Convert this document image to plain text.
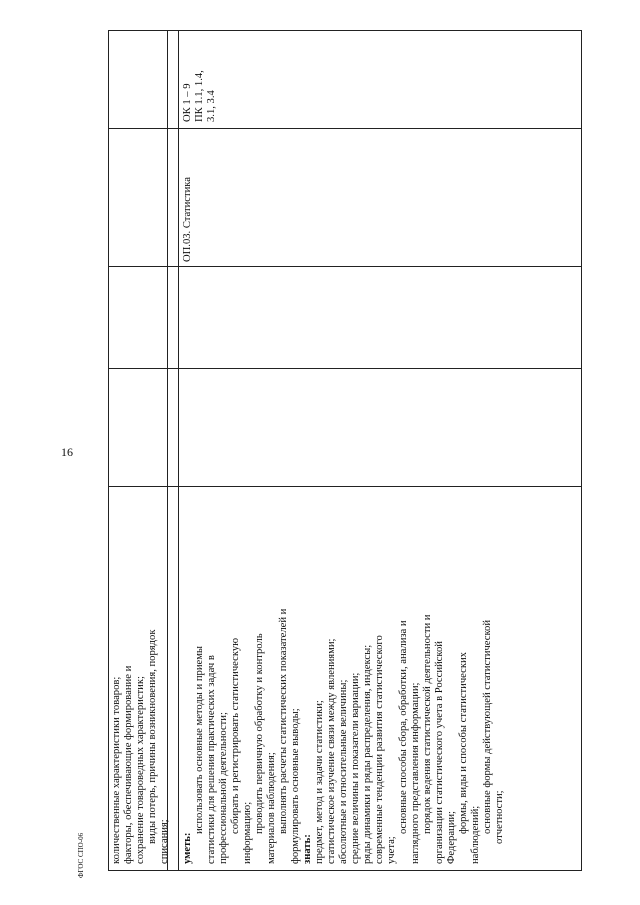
16
ФГОС СПО-06 количественные характеристики товаров; факторы, обеспечивающие формирование и сохранение товароведных характеристик; виды потерь, причины возникновения, порядок списания; уметь:
использовать основные методы и приемы статистики для решения практических задач в профессиональной деятельности; собирать и регистрировать статистическую информацию; проводить первичную обработку и контроль материалов наблюдения; выполнять расчеты статистических показателей и формулировать основные выводы; знать: предмет, метод и задачи статистики; статистическое изучение связи между явлениями; абсолютные и относительные величины; средние величины и показатели вариации; ряды динамики и ряды распределения, индексы; современные тенденции развития статистического учета;
основные способы сбора, обработки, анализа и наглядного представления информации; порядок ведения статистической деятельности и организации статистического учета в Российской Федерации;
формы, виды и способы статистических
наблюдений;
основные формы действующей статистической отчетности;
ОП.03. Статистика
ОК 1 – 9 ПК 1.1, 1.4, 3.1, 3.4
